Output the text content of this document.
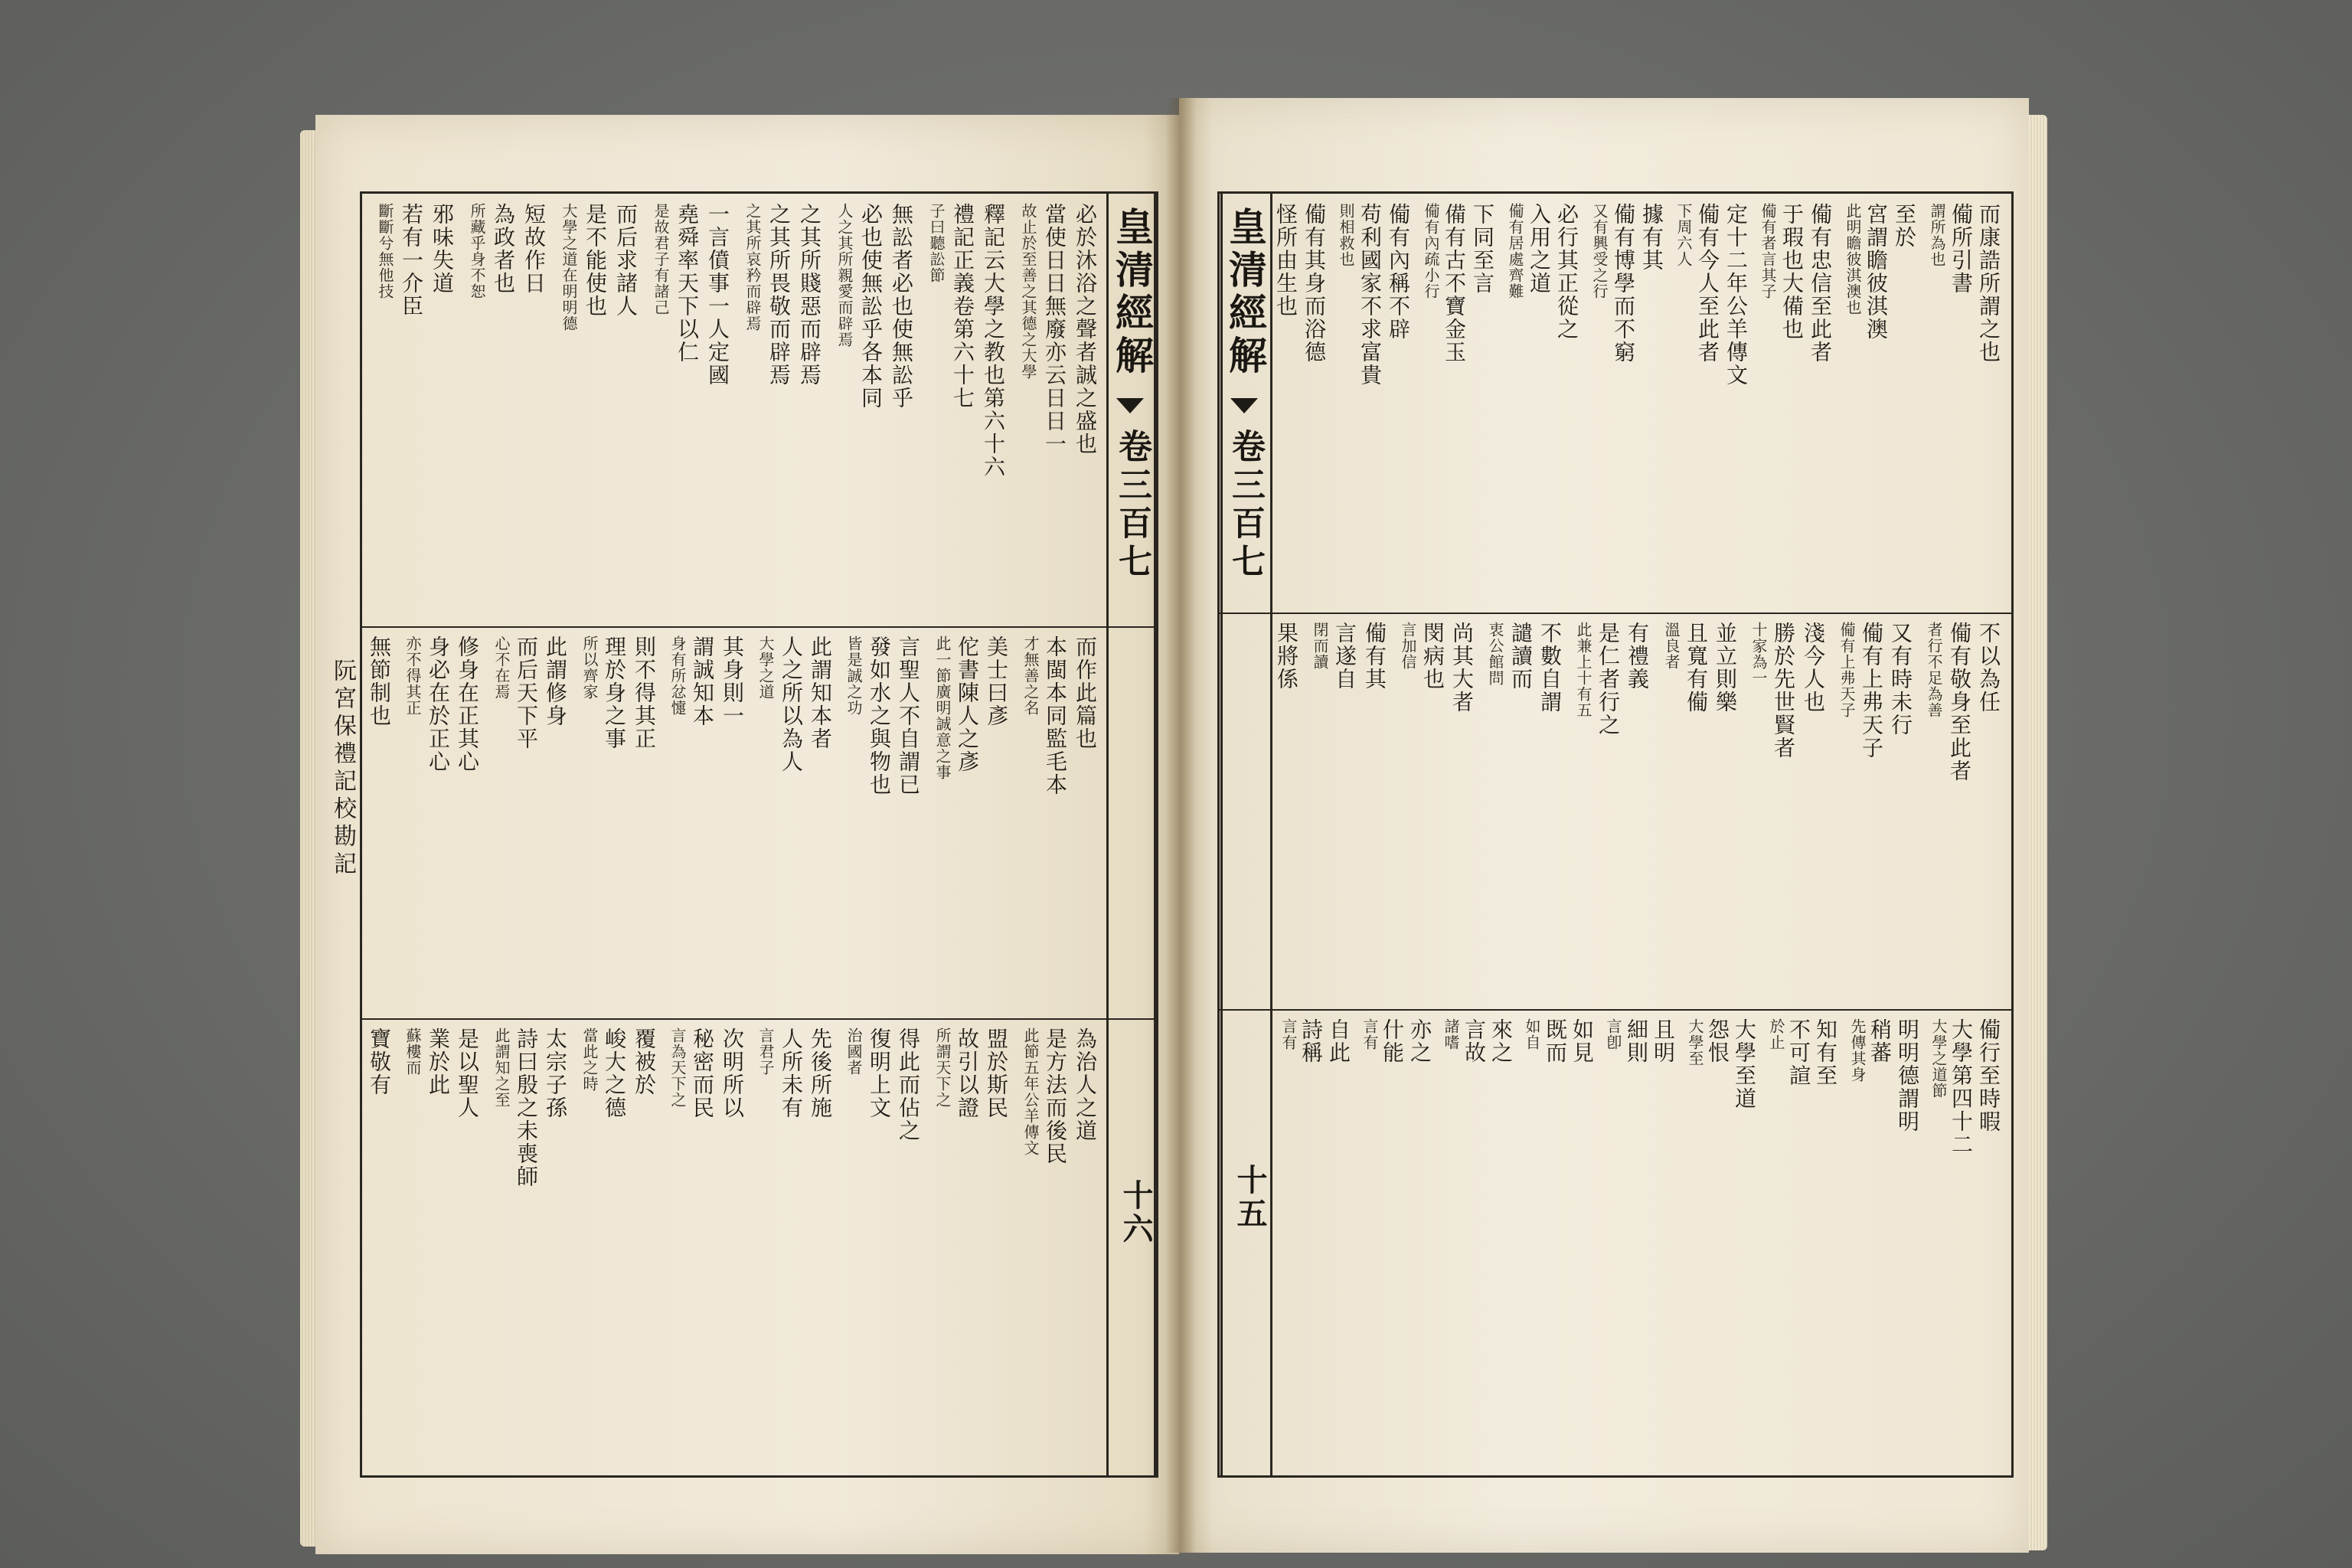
皇清經解
卷三百七
十六
阮宮保禮記校勘記
皇清經解
卷三百七
十五
必於沐浴之聲者誠之盛也
當使日日無廢亦云日日一
故止於至善之其德之大學
釋記云大學之教也第六十六
禮記正義卷第六十七
子曰聽訟節
無訟者必也使無訟乎
必也使無訟乎各本同
人之其所親愛而辟焉
之其所賤惡而辟焉
之其所畏敬而辟焉
之其所哀矜而辟焉
一言僨事一人定國
堯舜率天下以仁
是故君子有諸己
而后求諸人
是不能使也
大學之道在明明德
短故作日
為政者也
所藏乎身不恕
邪味失道
若有一介臣
斷斷兮無他技
而作此篇也
本閩本同監毛本
才無善之名
美士曰彥
佗書陳人之彥
此一節廣明誠意之事
言聖人不自謂已
發如水之與物也
皆是誠之功
此謂知本者
人之所以為人
大學之道
其身則一
謂誠知本
身有所忿懥
則不得其正
理於身之事
所以齊家
此謂修身
而后天下平
心不在焉
修身在正其心
身必在於正心
亦不得其正
無節制也
為治人之道
是方法而後民
此節五年公羊傳文
盟於斯民
故引以證
所謂天下之
得此而佔之
復明上文
治國者
先後所施
人所未有
言君子
次明所以
秘密而民
言為天下之
覆被於
峻大之德
當此之時
太宗子孫
詩曰殷之未喪師
此謂知之至
是以聖人
業於此
蘇樓而
寶敬有
而康誥所謂之也
僃所引書
謂所為也
至於
宮謂瞻彼淇澳
此明瞻彼淇澳也
僃有忠信至此者
于瑕也大備也
僃有者言其子
定十二年公羊傳文
僃有今人至此者
下周六人
據有其
僃有博學而不窮
又有興受之行
必行其正從之
入用之道
僃有居處齊難
下同至言
備有古不寶金玉
僃有內疏小行
僃有內稱不辟
苟利國家不求富貴
則相救也
僃有其身而浴德
怪所由生也
不以為任
僃有敬身至此者
者行不足為善
又有時未行
僃有上弗天子
僃有上弗天子
淺今人也
勝於先世賢者
十家為一
並立則樂
且寬有僃
溫良者
有禮義
是仁者行之
此兼上十有五
不數自謂
譴讀而
衷公館問
尚其大者
閔病也
言加信
僃有其
言遂自
閉而讀
果將係
僃行至時暇
大學第四十二
大學之道節
明明德謂明
稍蕃
先傳其身
知有至
不可諠
於止
大學至道
怨恨
大學至
且明
細則
言卽
如見
既而
如自
來之
言故
諸嗜
亦之
什能
言有
自此
詩稱
言有
